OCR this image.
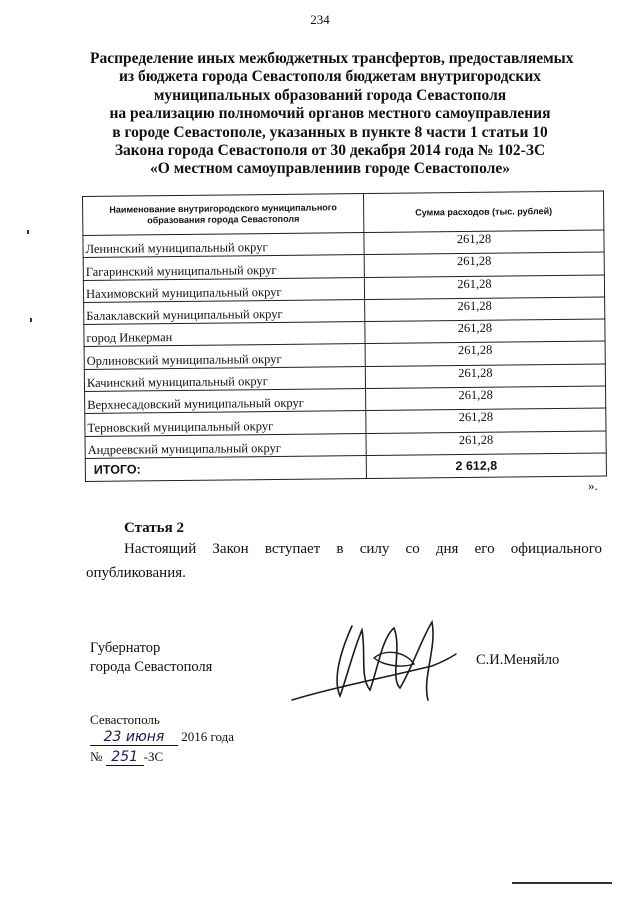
234
Распределение иных межбюджетных трансфертов, предоставляемых
из бюджета города Севастополя бюджетам внутригородских
муниципальных образований города Севастополя
на реализацию полномочий органов местного самоуправления
в городе Севастополе, указанных в пункте 8 части 1 статьи 10
Закона города Севастополя от 30 декабря 2014 года № 102-ЗС
«О местном самоуправлениив городе Севастополе»
Наименование внутригородского муниципального образования города Севастополя	Сумма расходов (тыс. рублей)
Ленинский муниципальный округ	261,28
Гагаринский муниципальный округ	261,28
Нахимовский муниципальный округ	261,28
Балаклавский муниципальный округ	261,28
город Инкерман	261,28
Орлиновский муниципальный округ	261,28
Качинский муниципальный округ	261,28
Верхнесадовский муниципальный округ	261,28
Терновский муниципальный округ	261,28
Андреевский муниципальный округ	261,28
ИТОГО:	2 612,8
».
Статья 2
Настоящий Закон вступает в силу со дня его официального
опубликования.
Губернатор
города Севастополя	С.И.Меняйло
Севастополь
23 июня 2016 года
№ 251 -ЗС
